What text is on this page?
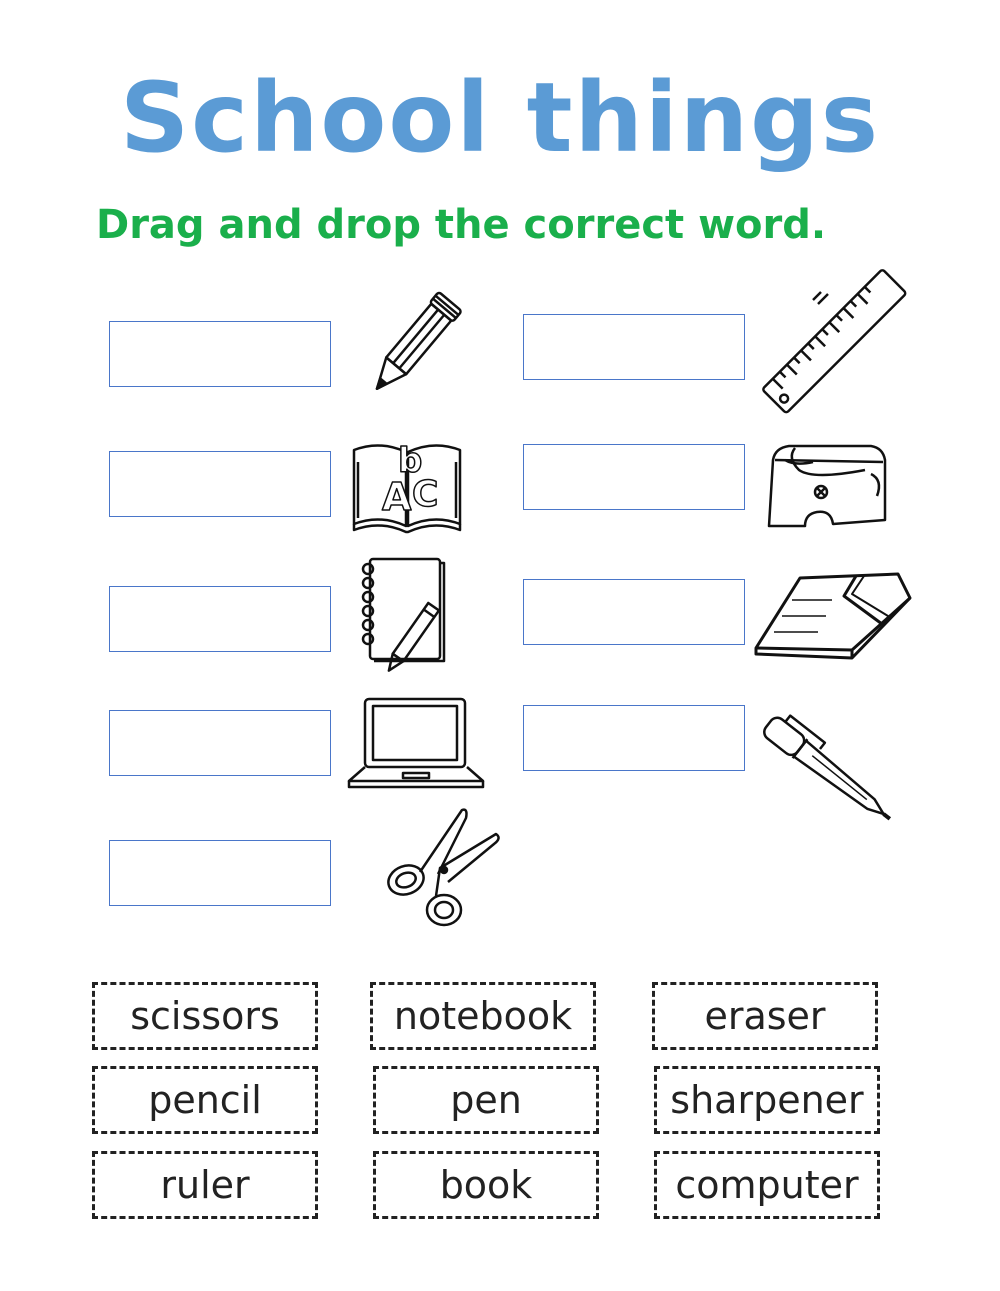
School things
Drag and drop the correct word.
b
A C
scissors	notebook	eraser
pencil	pen	sharpener
ruler	book	computer
